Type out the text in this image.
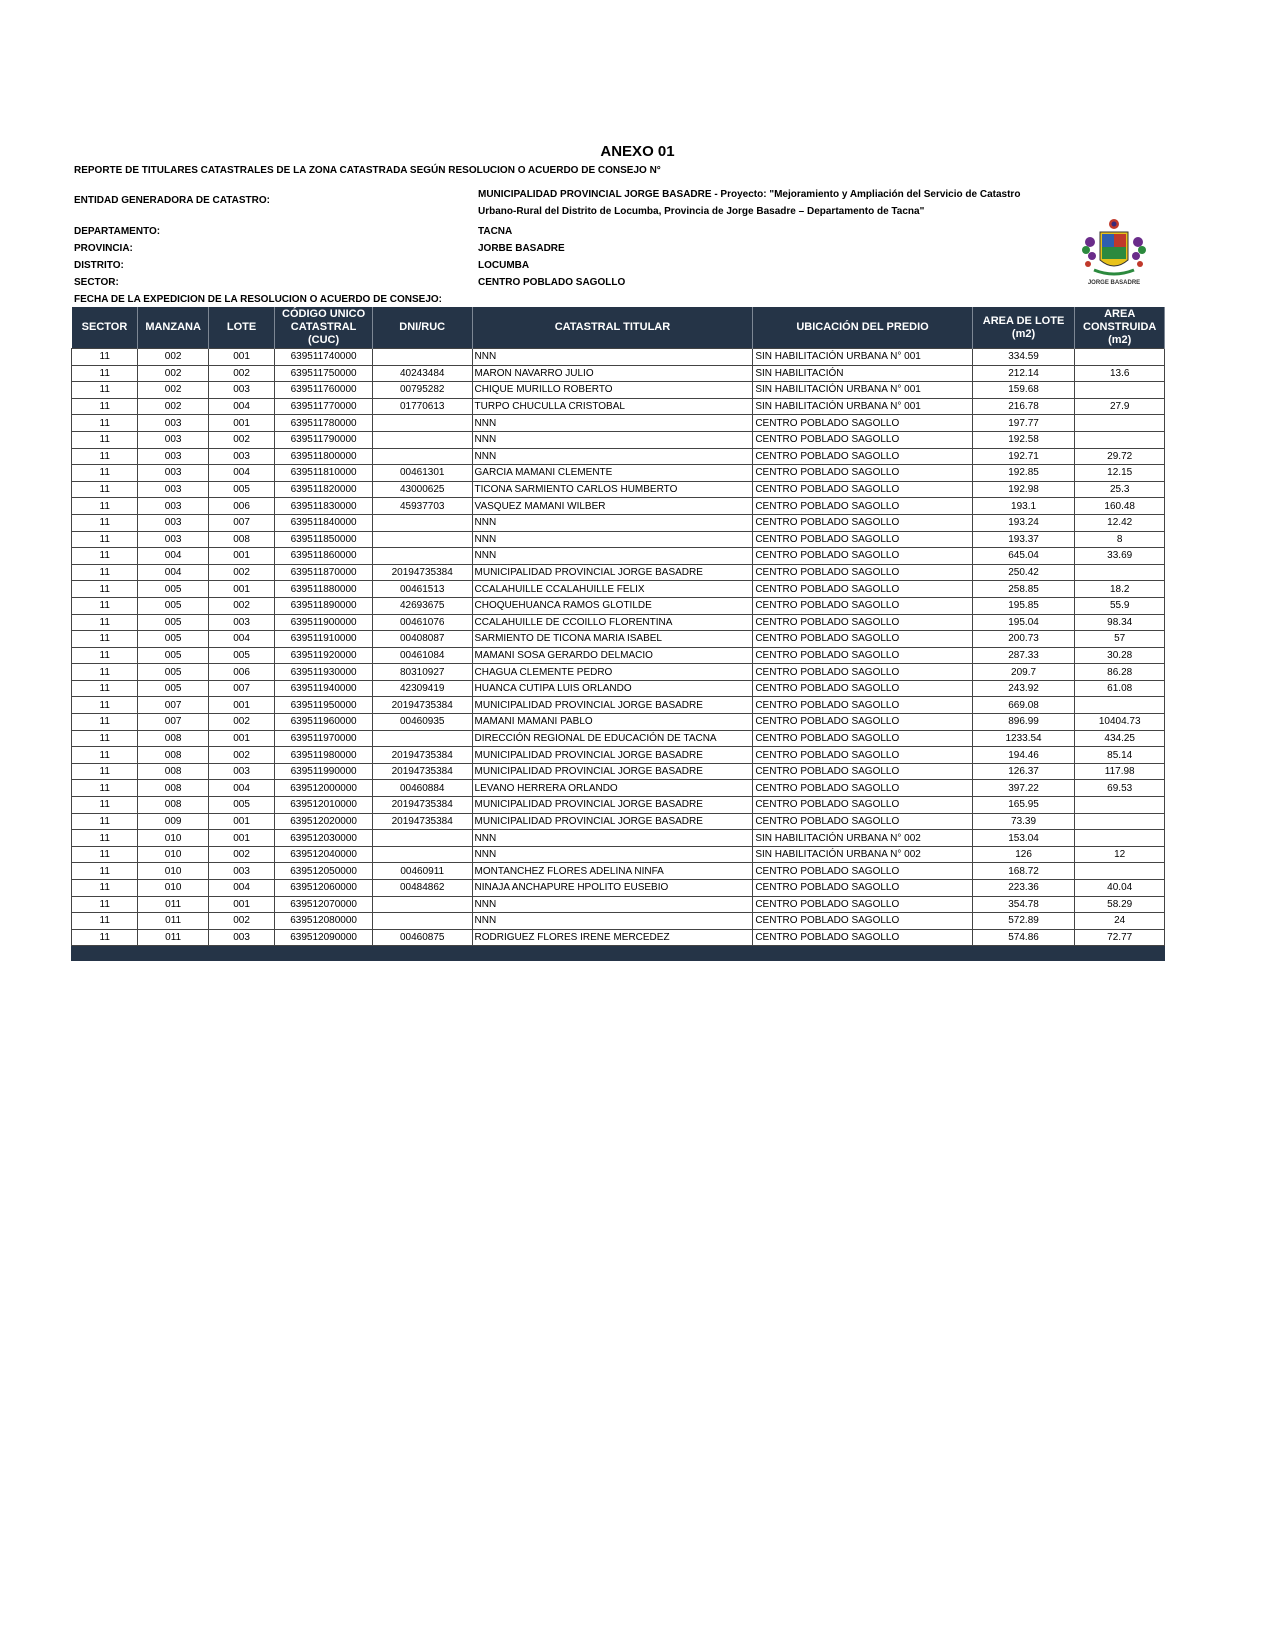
ANEXO 01
REPORTE DE TITULARES CATASTRALES DE LA ZONA CATASTRADA SEGÚN RESOLUCION O ACUERDO DE CONSEJO N°
ENTIDAD GENERADORA DE CATASTRO:
MUNICIPALIDAD PROVINCIAL JORGE BASADRE - Proyecto: "Mejoramiento y Ampliación del Servicio de Catastro
Urbano-Rural del Distrito de Locumba, Provincia de Jorge Basadre – Departamento de Tacna"
DEPARTAMENTO:	TACNA
PROVINCIA:	JORBE BASADRE
DISTRITO:	LOCUMBA
SECTOR:	CENTRO POBLADO SAGOLLO
FECHA DE LA EXPEDICION DE LA RESOLUCION O ACUERDO DE CONSEJO:
JORGE BASADRE
SECTOR	MANZANA	LOTE	CÓDIGO UNICO CATASTRAL (CUC)	DNI/RUC	CATASTRAL TITULAR	UBICACIÓN DEL PREDIO	AREA DE LOTE (m2)	AREA CONSTRUIDA (m2)
11	002	001	639511740000		NNN	SIN HABILITACIÓN URBANA N° 001	334.59	
11	002	002	639511750000	40243484	MARON NAVARRO JULIO	SIN HABILITACIÓN	212.14	13.6
11	002	003	639511760000	00795282	CHIQUE MURILLO ROBERTO	SIN HABILITACIÓN URBANA N° 001	159.68	
11	002	004	639511770000	01770613	TURPO CHUCULLA CRISTOBAL	SIN HABILITACIÓN URBANA N° 001	216.78	27.9
11	003	001	639511780000		NNN	CENTRO POBLADO SAGOLLO	197.77	
11	003	002	639511790000		NNN	CENTRO POBLADO SAGOLLO	192.58	
11	003	003	639511800000		NNN	CENTRO POBLADO SAGOLLO	192.71	29.72
11	003	004	639511810000	00461301	GARCIA MAMANI CLEMENTE	CENTRO POBLADO SAGOLLO	192.85	12.15
11	003	005	639511820000	43000625	TICONA SARMIENTO CARLOS HUMBERTO	CENTRO POBLADO SAGOLLO	192.98	25.3
11	003	006	639511830000	45937703	VASQUEZ MAMANI WILBER	CENTRO POBLADO SAGOLLO	193.1	160.48
11	003	007	639511840000		NNN	CENTRO POBLADO SAGOLLO	193.24	12.42
11	003	008	639511850000		NNN	CENTRO POBLADO SAGOLLO	193.37	8
11	004	001	639511860000		NNN	CENTRO POBLADO SAGOLLO	645.04	33.69
11	004	002	639511870000	20194735384	MUNICIPALIDAD PROVINCIAL JORGE BASADRE	CENTRO POBLADO SAGOLLO	250.42	
11	005	001	639511880000	00461513	CCALAHUILLE CCALAHUILLE FELIX	CENTRO POBLADO SAGOLLO	258.85	18.2
11	005	002	639511890000	42693675	CHOQUEHUANCA RAMOS GLOTILDE	CENTRO POBLADO SAGOLLO	195.85	55.9
11	005	003	639511900000	00461076	CCALAHUILLE DE CCOILLO FLORENTINA	CENTRO POBLADO SAGOLLO	195.04	98.34
11	005	004	639511910000	00408087	SARMIENTO DE TICONA MARIA ISABEL	CENTRO POBLADO SAGOLLO	200.73	57
11	005	005	639511920000	00461084	MAMANI SOSA GERARDO DELMACIO	CENTRO POBLADO SAGOLLO	287.33	30.28
11	005	006	639511930000	80310927	CHAGUA CLEMENTE PEDRO	CENTRO POBLADO SAGOLLO	209.7	86.28
11	005	007	639511940000	42309419	HUANCA CUTIPA LUIS ORLANDO	CENTRO POBLADO SAGOLLO	243.92	61.08
11	007	001	639511950000	20194735384	MUNICIPALIDAD PROVINCIAL JORGE BASADRE	CENTRO POBLADO SAGOLLO	669.08	
11	007	002	639511960000	00460935	MAMANI MAMANI PABLO	CENTRO POBLADO SAGOLLO	896.99	10404.73
11	008	001	639511970000		DIRECCIÓN REGIONAL DE EDUCACIÓN DE TACNA	CENTRO POBLADO SAGOLLO	1233.54	434.25
11	008	002	639511980000	20194735384	MUNICIPALIDAD PROVINCIAL JORGE BASADRE	CENTRO POBLADO SAGOLLO	194.46	85.14
11	008	003	639511990000	20194735384	MUNICIPALIDAD PROVINCIAL JORGE BASADRE	CENTRO POBLADO SAGOLLO	126.37	117.98
11	008	004	639512000000	00460884	LEVANO HERRERA ORLANDO	CENTRO POBLADO SAGOLLO	397.22	69.53
11	008	005	639512010000	20194735384	MUNICIPALIDAD PROVINCIAL JORGE BASADRE	CENTRO POBLADO SAGOLLO	165.95	
11	009	001	639512020000	20194735384	MUNICIPALIDAD PROVINCIAL JORGE BASADRE	CENTRO POBLADO SAGOLLO	73.39	
11	010	001	639512030000		NNN	SIN HABILITACIÓN URBANA N° 002	153.04	
11	010	002	639512040000		NNN	SIN HABILITACIÓN URBANA N° 002	126	12
11	010	003	639512050000	00460911	MONTANCHEZ FLORES ADELINA NINFA	CENTRO POBLADO SAGOLLO	168.72	
11	010	004	639512060000	00484862	NINAJA ANCHAPURE HPOLITO EUSEBIO	CENTRO POBLADO SAGOLLO	223.36	40.04
11	011	001	639512070000		NNN	CENTRO POBLADO SAGOLLO	354.78	58.29
11	011	002	639512080000		NNN	CENTRO POBLADO SAGOLLO	572.89	24
11	011	003	639512090000	00460875	RODRIGUEZ FLORES IRENE MERCEDEZ	CENTRO POBLADO SAGOLLO	574.86	72.77
